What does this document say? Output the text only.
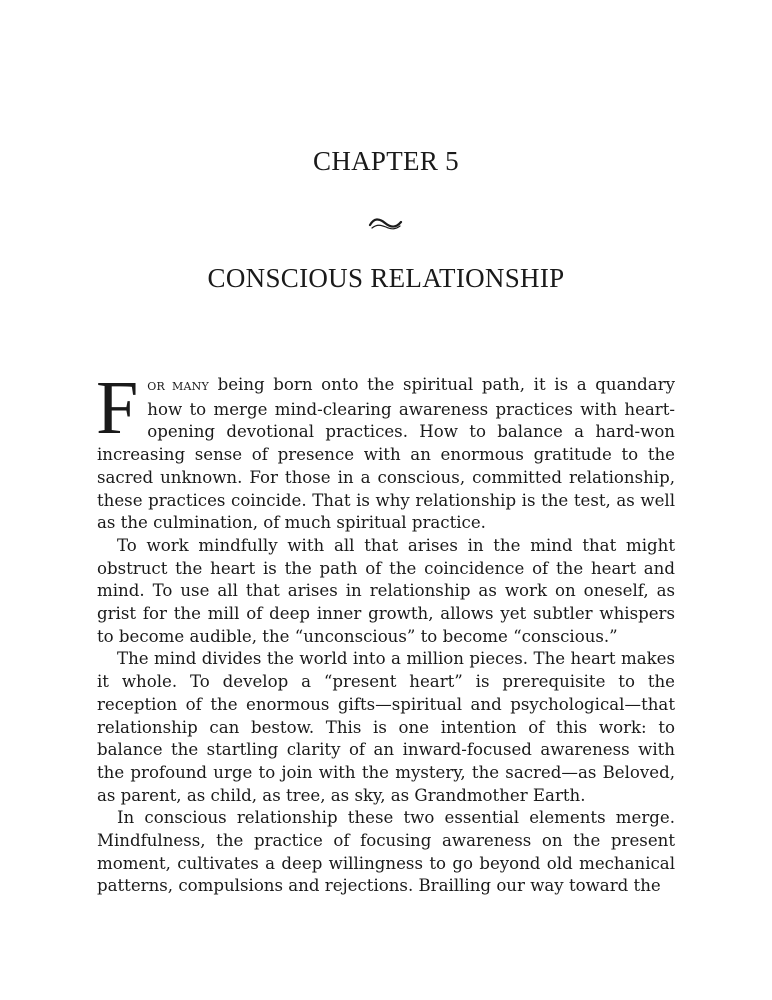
CHAPTER 5
CONSCIOUS RELATIONSHIP

FOR MANY being born onto the spiritual path, it is a quandary how to merge mind-clearing awareness practices with heart-opening devotional practices. How to balance a hard-won increasing sense of presence with an enormous gratitude to the sacred unknown. For those in a conscious, committed relationship, these practices coincide. That is why relationship is the test, as well as the culmination, of much spiritual practice.

To work mindfully with all that arises in the mind that might obstruct the heart is the path of the coincidence of the heart and mind. To use all that arises in relationship as work on oneself, as grist for the mill of deep inner growth, allows yet subtler whispers to become audible, the “unconscious” to become “conscious.”

The mind divides the world into a million pieces. The heart makes it whole. To develop a “present heart” is prerequisite to the reception of the enormous gifts—spiritual and psychological—that relationship can bestow. This is one intention of this work: to balance the startling clarity of an inward-focused awareness with the profound urge to join with the mystery, the sacred—as Beloved, as parent, as child, as tree, as sky, as Grandmother Earth.

In conscious relationship these two essential elements merge. Mindfulness, the practice of focusing awareness on the present moment, cultivates a deep willingness to go beyond old mechanical patterns, compulsions and rejections. Brailling our way toward the
